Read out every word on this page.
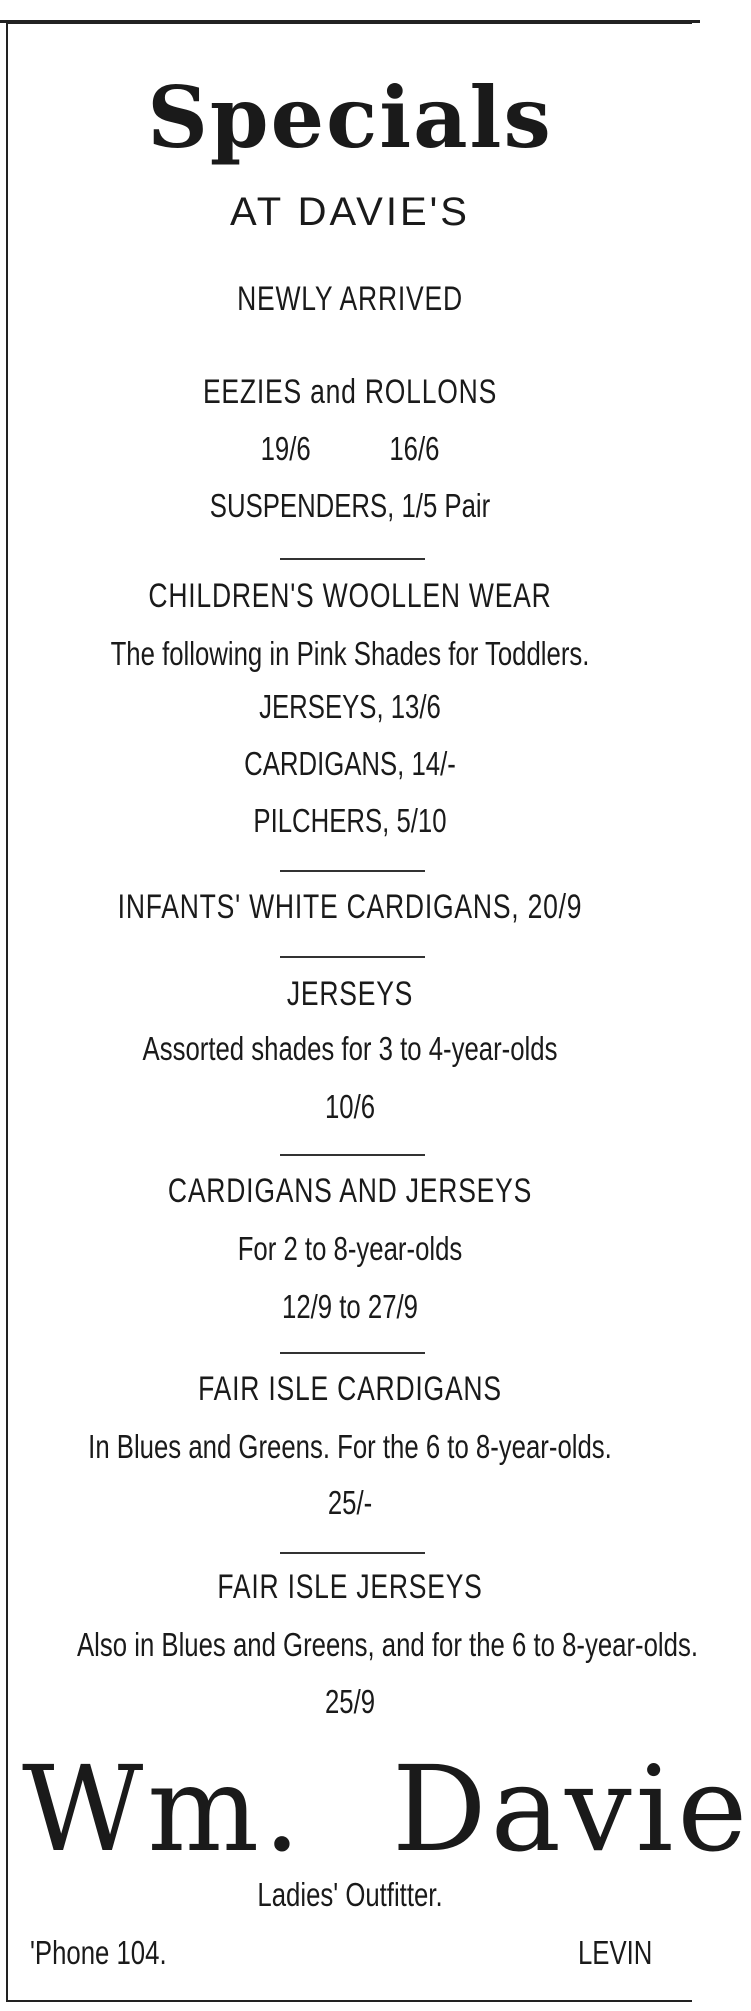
Specials
AT DAVIE'S
NEWLY ARRIVED
EEZIES and ROLLONS
19/6           16/6
SUSPENDERS, 1/5 Pair
CHILDREN'S WOOLLEN WEAR
The following in Pink Shades for Toddlers.
JERSEYS, 13/6
CARDIGANS, 14/-
PILCHERS, 5/10
INFANTS' WHITE CARDIGANS, 20/9
JERSEYS
Assorted shades for 3 to 4-year-olds
10/6
CARDIGANS AND JERSEYS
For 2 to 8-year-olds
12/9 to 27/9
FAIR ISLE CARDIGANS
In Blues and Greens. For the 6 to 8-year-olds.
25/-
FAIR ISLE JERSEYS
Also in Blues and Greens, and for the 6 to 8-year-olds.
25/9
Wm. Davie
Ladies' Outfitter.
'Phone 104.	LEVIN
